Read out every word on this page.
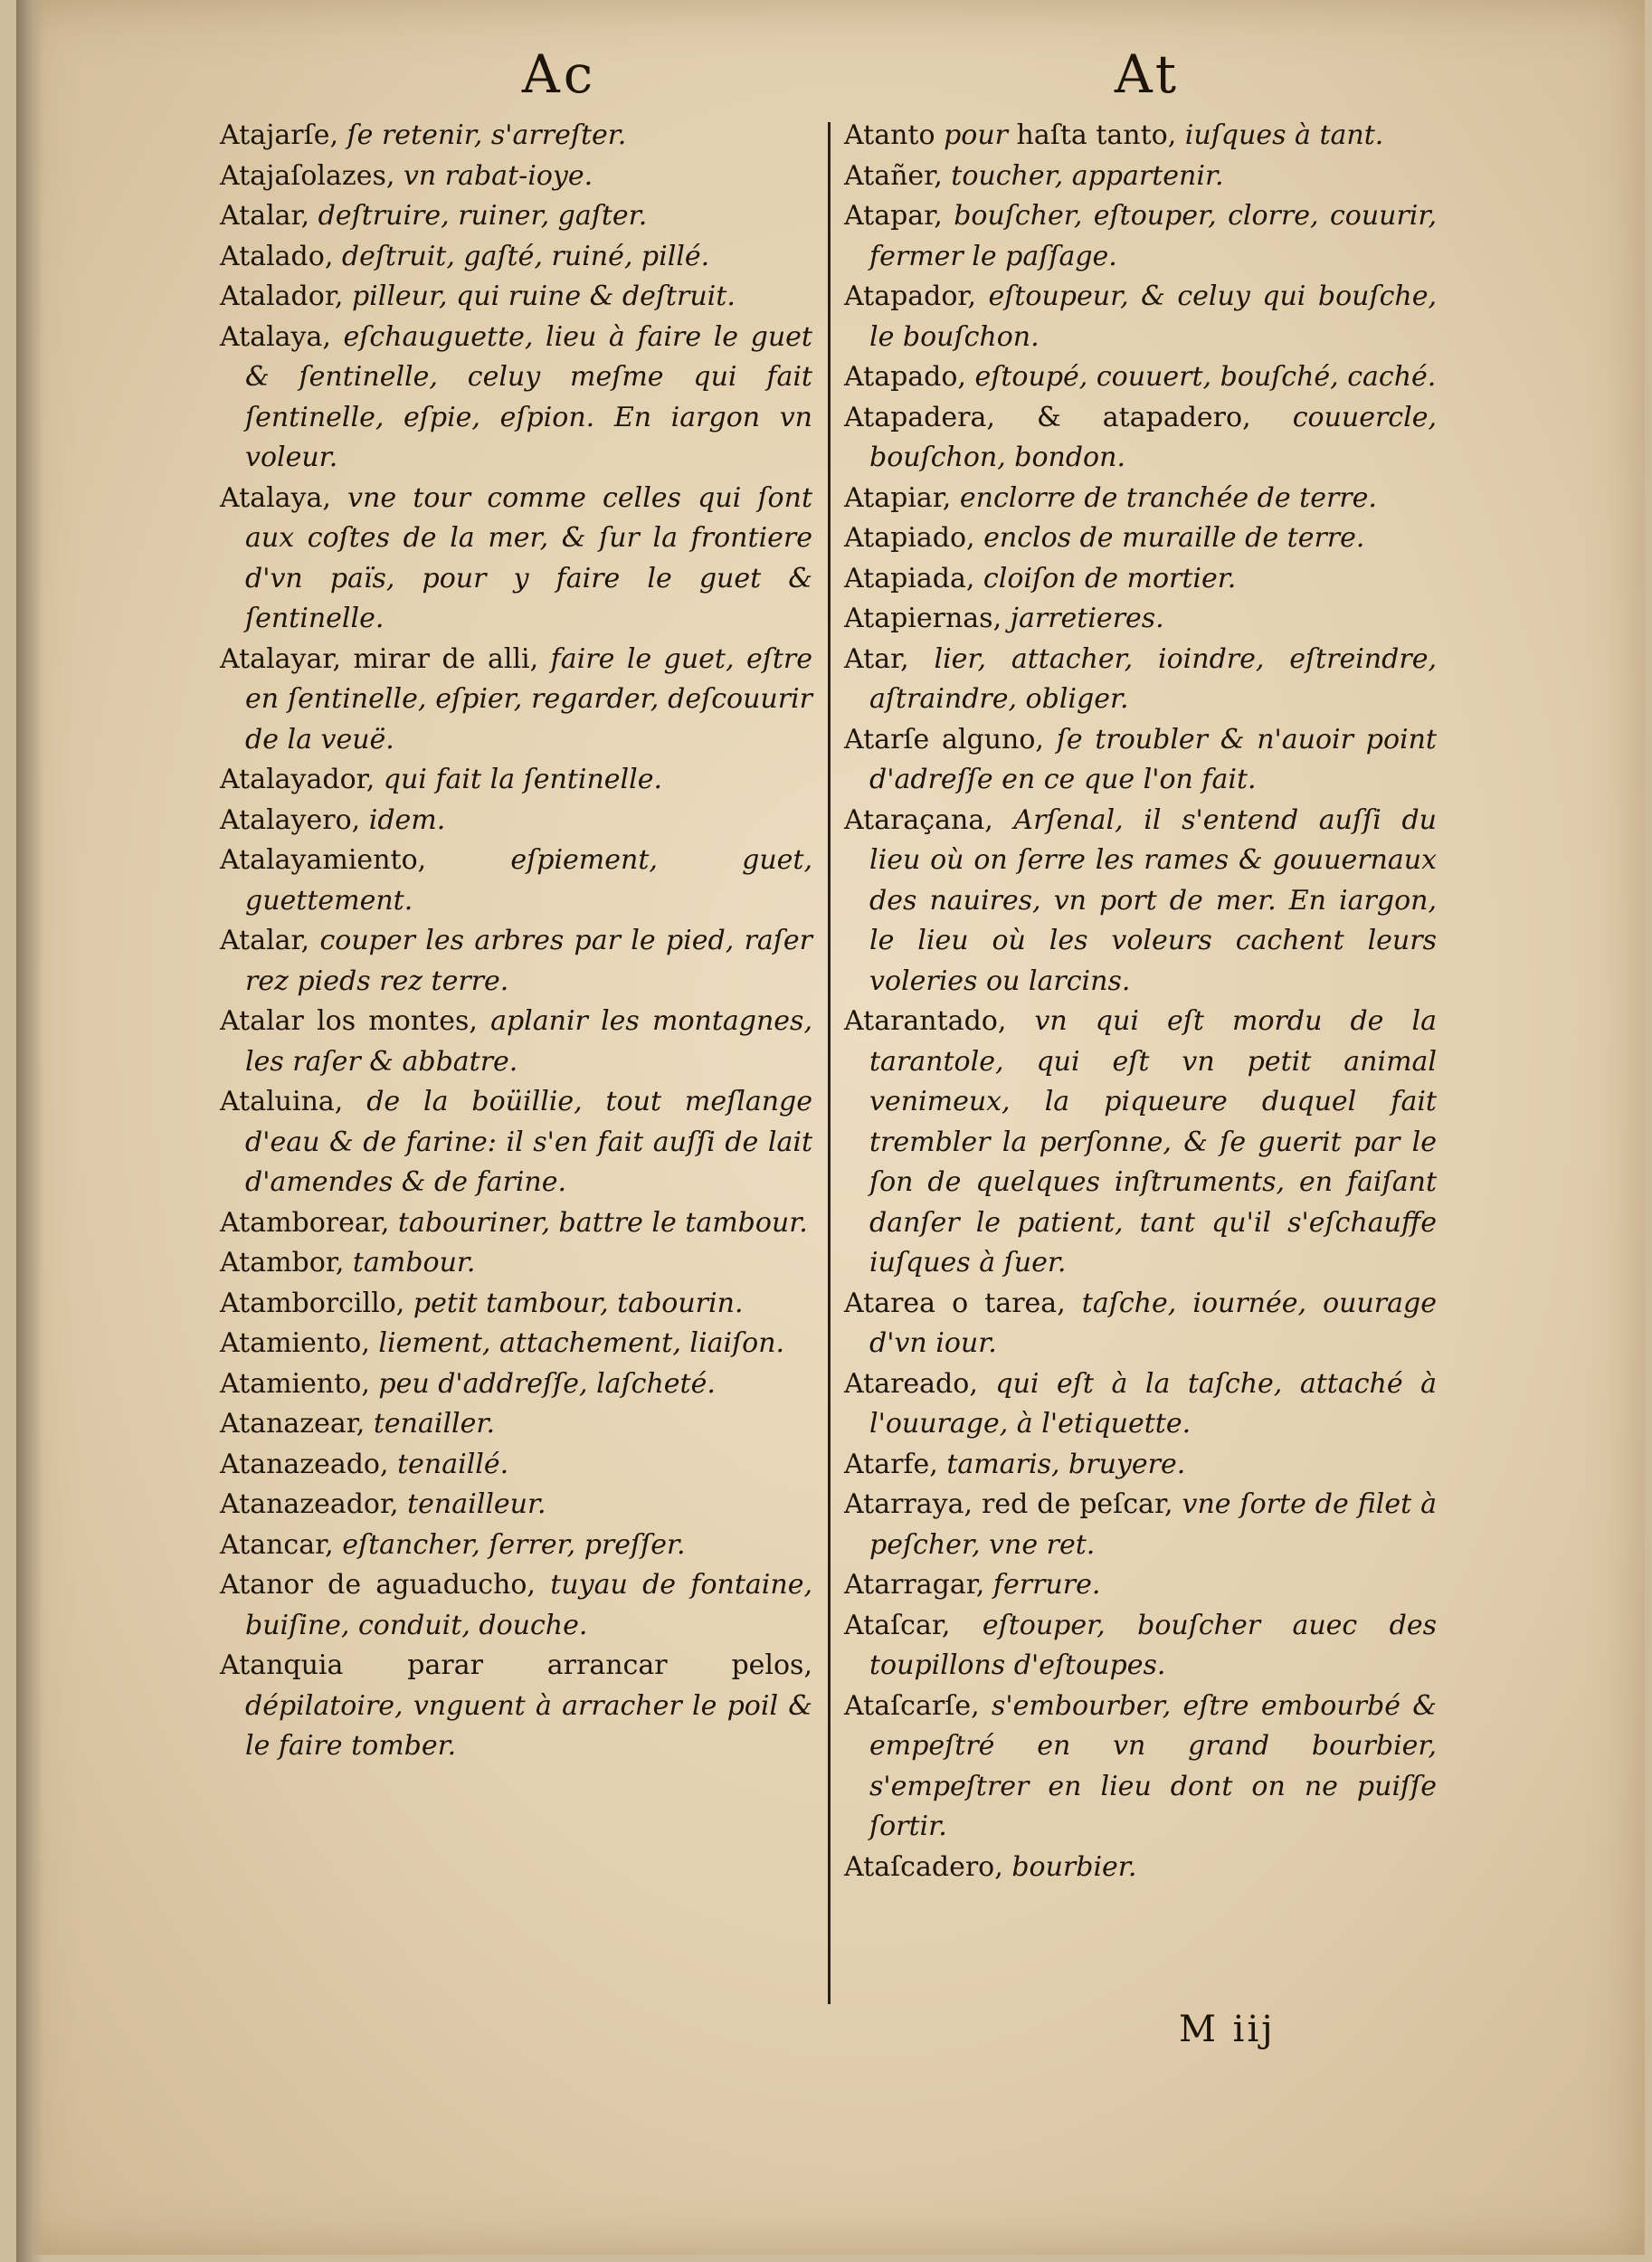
Ac	At

Atajarſe, ſe retenir, s'arreſter.

Atajaſolazes, vn rabat-ioye.

Atalar, deſtruire, ruiner, gaſter.

Atalado, deſtruit, gaſté, ruiné, pillé.

Atalador, pilleur, qui ruine & deſtruit.

Atalaya, eſchauguette, lieu à faire le guet & ſentinelle, celuy meſme qui fait ſentinelle, eſpie, eſpion. En iargon vn voleur.

Atalaya, vne tour comme celles qui ſont aux coſtes de la mer, & ſur la frontiere d'vn païs, pour y faire le guet & ſentinelle.

Atalayar, mirar de alli, faire le guet, eſtre en ſentinelle, eſpier, regarder, deſcouurir de la veuë.

Atalayador, qui fait la ſentinelle.

Atalayero, idem.

Atalayamiento, eſpiement, guet, guettement.

Atalar, couper les arbres par le pied, raſer rez pieds rez terre.

Atalar los montes, aplanir les montagnes, les raſer & abbatre.

Ataluina, de la boüillie, tout meſlange d'eau & de farine: il s'en fait auſſi de lait d'amendes & de farine.

Atamborear, tabouriner, battre le tambour.

Atambor, tambour.

Atamborcillo, petit tambour, tabourin.

Atamiento, liement, attachement, liaiſon.

Atamiento, peu d'addreſſe, laſcheté.

Atanazear, tenailler.

Atanazeado, tenaillé.

Atanazeador, tenailleur.

Atancar, eſtancher, ſerrer, preſſer.

Atanor de aguaducho, tuyau de fontaine, buiſine, conduit, douche.

Atanquia parar arrancar pelos, dépilatoire, vnguent à arracher le poil & le faire tomber.

Atanto pour haſta tanto, iuſques à tant.

Atañer, toucher, appartenir.

Atapar, bouſcher, eſtouper, clorre, couurir, fermer le paſſage.

Atapador, eſtoupeur, & celuy qui bouſche, le bouſchon.

Atapado, eſtoupé, couuert, bouſché, caché.

Atapadera, & atapadero, couuercle, bouſchon, bondon.

Atapiar, enclorre de tranchée de terre.

Atapiado, enclos de muraille de terre.

Atapiada, cloiſon de mortier.

Atapiernas, jarretieres.

Atar, lier, attacher, ioindre, eſtreindre, aſtraindre, obliger.

Atarſe alguno, ſe troubler & n'auoir point d'adreſſe en ce que l'on fait.

Ataraçana, Arſenal, il s'entend auſſi du lieu où on ſerre les rames & gouuernaux des nauires, vn port de mer. En iargon, le lieu où les voleurs cachent leurs voleries ou larcins.

Atarantado, vn qui eſt mordu de la tarantole, qui eſt vn petit animal venimeux, la piqueure duquel fait trembler la perſonne, & ſe guerit par le ſon de quelques inſtruments, en faiſant danſer le patient, tant qu'il s'eſchauffe iuſques à ſuer.

Atarea o tarea, taſche, iournée, ouurage d'vn iour.

Atareado, qui eſt à la taſche, attaché à l'ouurage, à l'etiquette.

Atarfe, tamaris, bruyere.

Atarraya, red de peſcar, vne ſorte de filet à peſcher, vne ret.

Atarragar, ferrure.

Ataſcar, eſtouper, bouſcher auec des toupillons d'eſtoupes.

Ataſcarſe, s'embourber, eſtre embourbé & empeſtré en vn grand bourbier, s'empeſtrer en lieu dont on ne puiſſe ſortir.

Ataſcadero, bourbier.

M iij
